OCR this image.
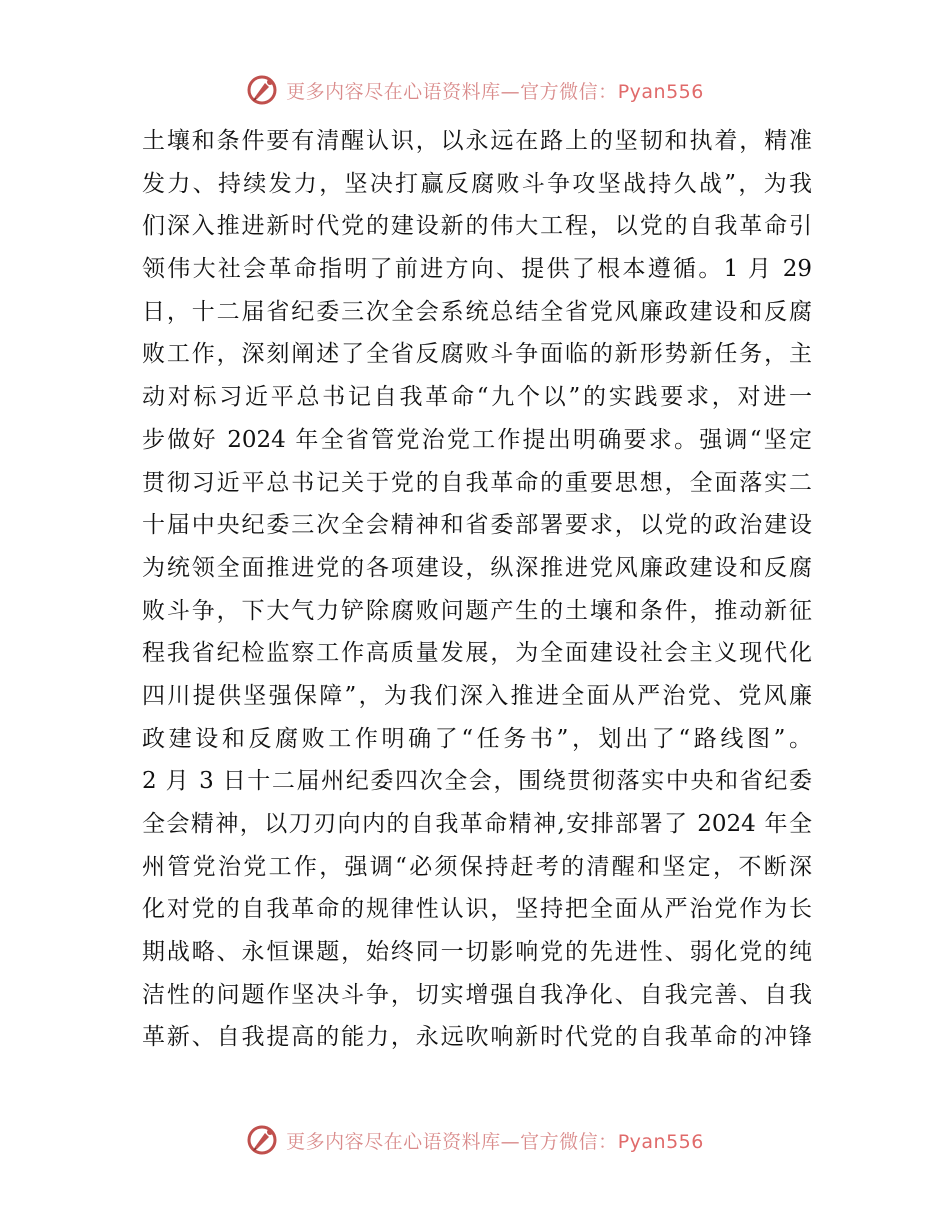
更多内容尽在心语资料库—官方微信：Pyan556
土壤和条件要有清醒认识，以永远在路上的坚韧和执着，精准
发力、持续发力，坚决打赢反腐败斗争攻坚战持久战”，为我
们深入推进新时代党的建设新的伟大工程，以党的自我革命引
领伟大社会革命指明了前进方向、提供了根本遵循。1 月 29
日，十二届省纪委三次全会系统总结全省党风廉政建设和反腐
败工作，深刻阐述了全省反腐败斗争面临的新形势新任务，主
动对标习近平总书记自我革命“九个以”的实践要求，对进一
步做好 2024 年全省管党治党工作提出明确要求。强调“坚定
贯彻习近平总书记关于党的自我革命的重要思想，全面落实二
十届中央纪委三次全会精神和省委部署要求，以党的政治建设
为统领全面推进党的各项建设，纵深推进党风廉政建设和反腐
败斗争，下大气力铲除腐败问题产生的土壤和条件，推动新征
程我省纪检监察工作高质量发展，为全面建设社会主义现代化
四川提供坚强保障”，为我们深入推进全面从严治党、党风廉
政建设和反腐败工作明确了“任务书”，划出了“路线图”。
2 月 3 日十二届州纪委四次全会，围绕贯彻落实中央和省纪委
全会精神，以刀刃向内的自我革命精神,安排部署了 2024 年全
州管党治党工作，强调“必须保持赶考的清醒和坚定，不断深
化对党的自我革命的规律性认识，坚持把全面从严治党作为长
期战略、永恒课题，始终同一切影响党的先进性、弱化党的纯
洁性的问题作坚决斗争，切实增强自我净化、自我完善、自我
革新、自我提高的能力，永远吹响新时代党的自我革命的冲锋
更多内容尽在心语资料库—官方微信：Pyan556
